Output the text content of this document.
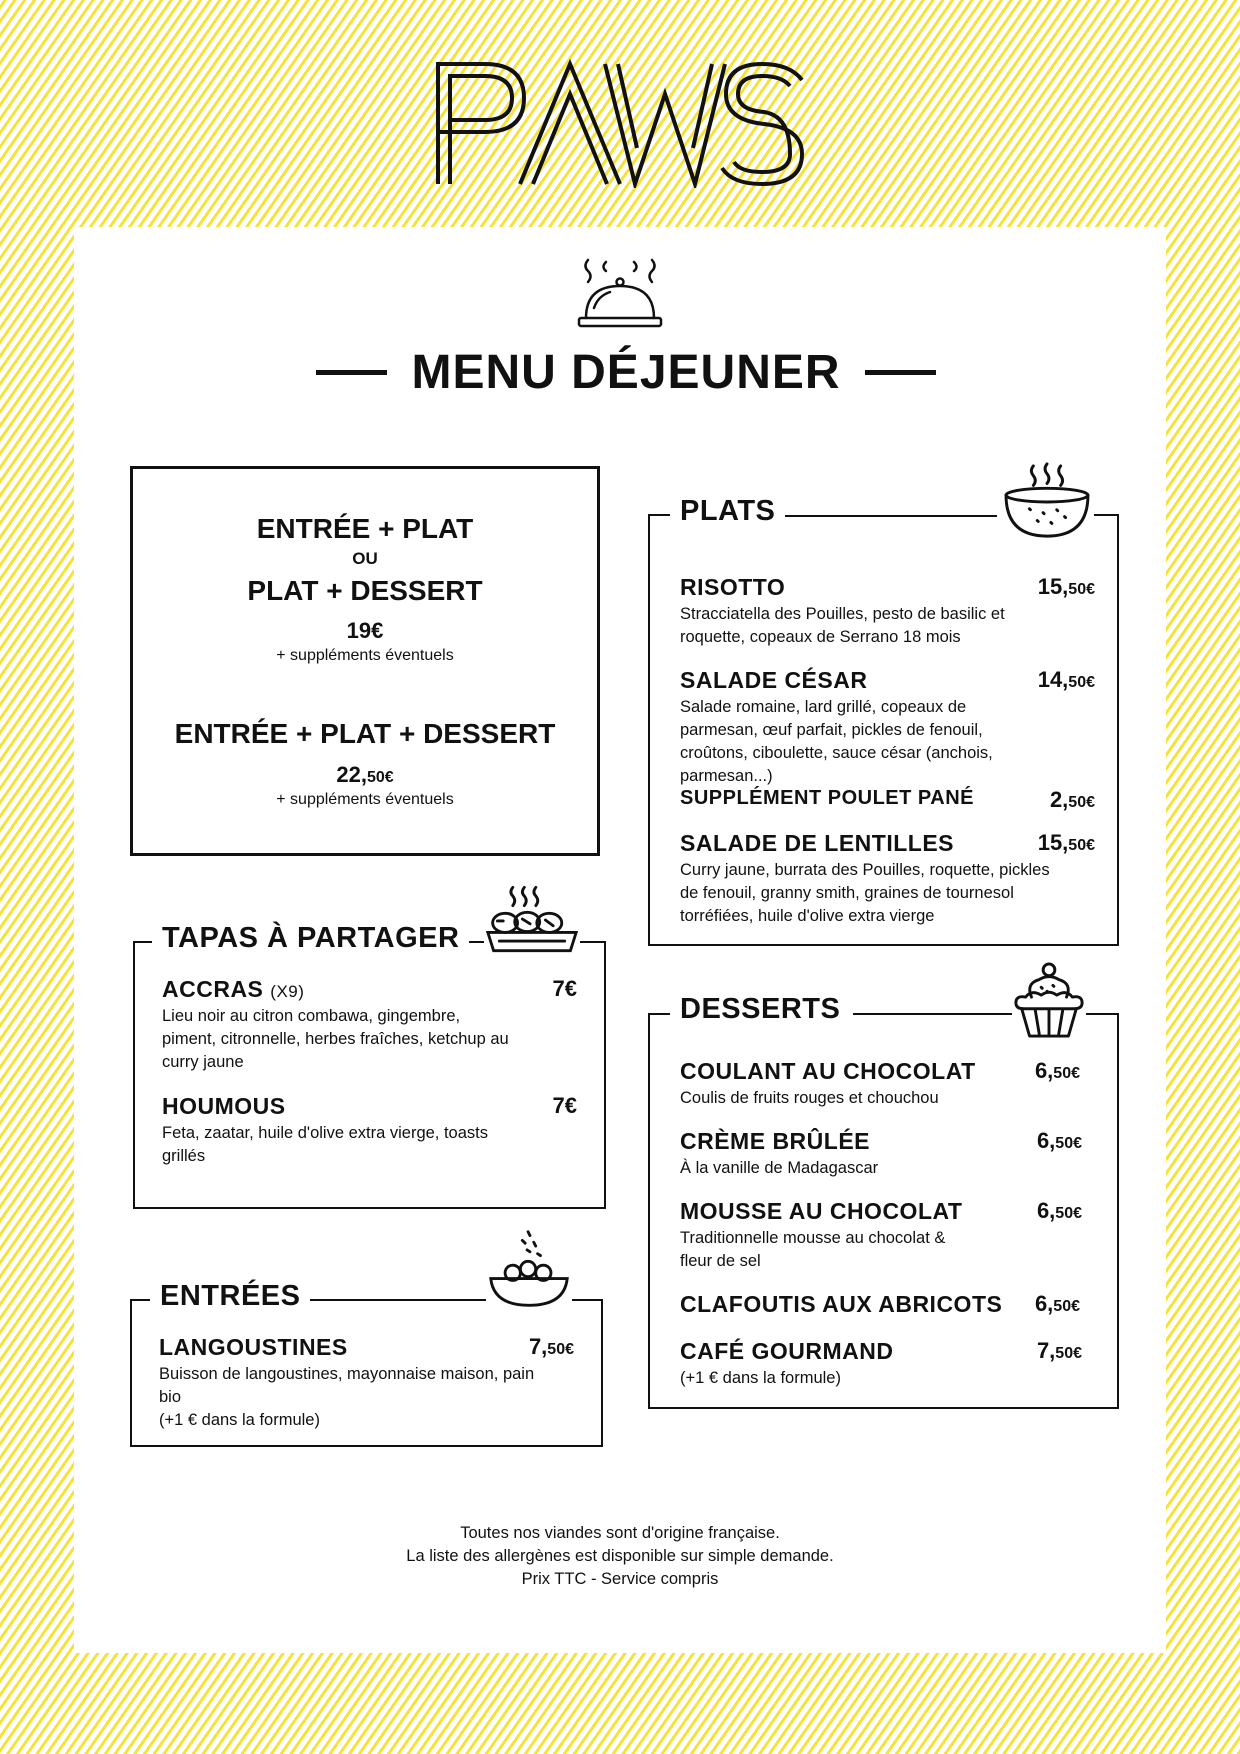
MENU DÉJEUNER
ENTRÉE + PLAT
OU
PLAT + DESSERT
19€
+ suppléments éventuels
ENTRÉE + PLAT + DESSERT
22,50€
+ suppléments éventuels
TAPAS À PARTAGER
ACCRAS (X9)	7€
Lieu noir au citron combawa, gingembre, piment, citronnelle, herbes fraîches, ketchup au curry jaune
HOUMOUS	7€
Feta, zaatar, huile d'olive extra vierge, toasts grillés
ENTRÉES
LANGOUSTINES	7,50€
Buisson de langoustines, mayonnaise maison, pain bio
(+1 € dans la formule)
PLATS
RISOTTO	15,50€
Stracciatella des Pouilles, pesto de basilic et roquette, copeaux de Serrano 18 mois
SALADE CÉSAR	14,50€
Salade romaine, lard grillé, copeaux de parmesan, œuf parfait, pickles de fenouil, croûtons, ciboulette, sauce césar (anchois, parmesan...)
SUPPLÉMENT POULET PANÉ	2,50€
SALADE DE LENTILLES	15,50€
Curry jaune, burrata des Pouilles, roquette, pickles de fenouil, granny smith, graines de tournesol torréfiées, huile d'olive extra vierge
DESSERTS
COULANT AU CHOCOLAT	6,50€
Coulis de fruits rouges et chouchou
CRÈME BRÛLÉE	6,50€
À la vanille de Madagascar
MOUSSE AU CHOCOLAT	6,50€
Traditionnelle mousse au chocolat & fleur de sel
CLAFOUTIS AUX ABRICOTS	6,50€
CAFÉ GOURMAND	7,50€
(+1 € dans la formule)
Toutes nos viandes sont d'origine française.
La liste des allergènes est disponible sur simple demande.
Prix TTC - Service compris
